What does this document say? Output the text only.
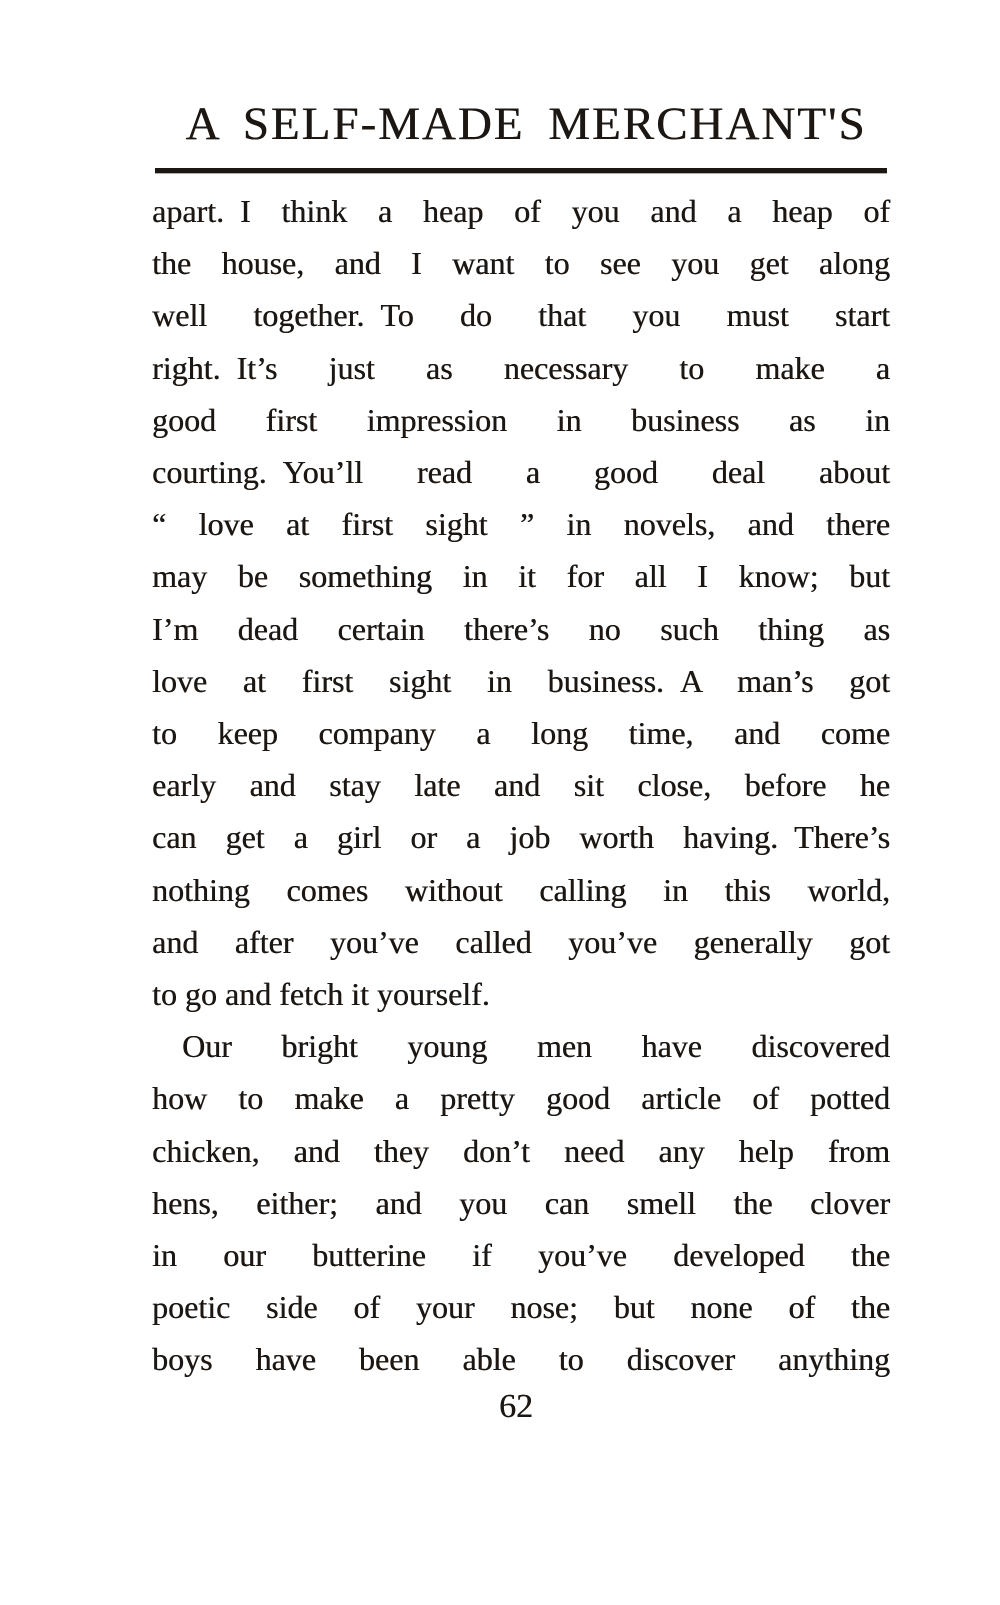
A SELF-MADE MERCHANT'S
apart. I think a heap of you and a heap of
the house, and I want to see you get along
well together. To do that you must start
right. It’s just as necessary to make a
good first impression in business as in
courting. You’ll read a good deal about
“ love at first sight ” in novels, and there
may be something in it for all I know; but
I’m dead certain there’s no such thing as
love at first sight in business. A man’s got
to keep company a long time, and come
early and stay late and sit close, before he
can get a girl or a job worth having. There’s
nothing comes without calling in this world,
and after you’ve called you’ve generally got
to go and fetch it yourself.
Our bright young men have discovered
how to make a pretty good article of potted
chicken, and they don’t need any help from
hens, either; and you can smell the clover
in our butterine if you’ve developed the
poetic side of your nose; but none of the
boys have been able to discover anything
62
